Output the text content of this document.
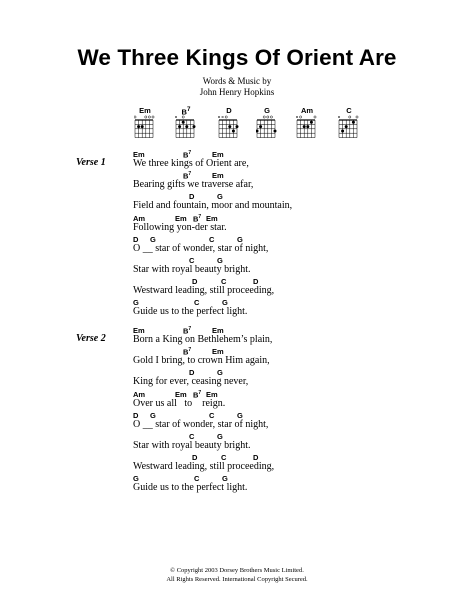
We Three Kings Of Orient Are
Words & Music by
John Henry Hopkins
Em	$B^7$	D	G	Am	C
Verse 1
Em	$B^7$	Em
We three kings of Orient are,
$B^7$	Em
Bearing gifts we traverse afar,
D	G
Field and fountain, moor and mountain,
Am	Em $B^7$ Em
Following yon-der star.
D G	C	G
O __ star of wonder, star of night,
C	G
Star with royal beauty bright.
D	C	D
Westward leading, still proceeding,
G	C	G
Guide us to the perfect light.
Verse 2
Em	$B^7$	Em
Born a King on Bethlehem’s plain,
$B^7$	Em
Gold I bring, to crown Him again,
D	G
King for ever, ceasing never,
Am	Em $B^7$ Em
Over us all   to    reign.
D G	C	G
O __ star of wonder, star of night,
C	G
Star with royal beauty bright.
D	C	D
Westward leading, still proceeding,
G	C	G
Guide us to the perfect light.
© Copyright 2003 Dorsey Brothers Music Limited.
All Rights Reserved. International Copyright Secured.
